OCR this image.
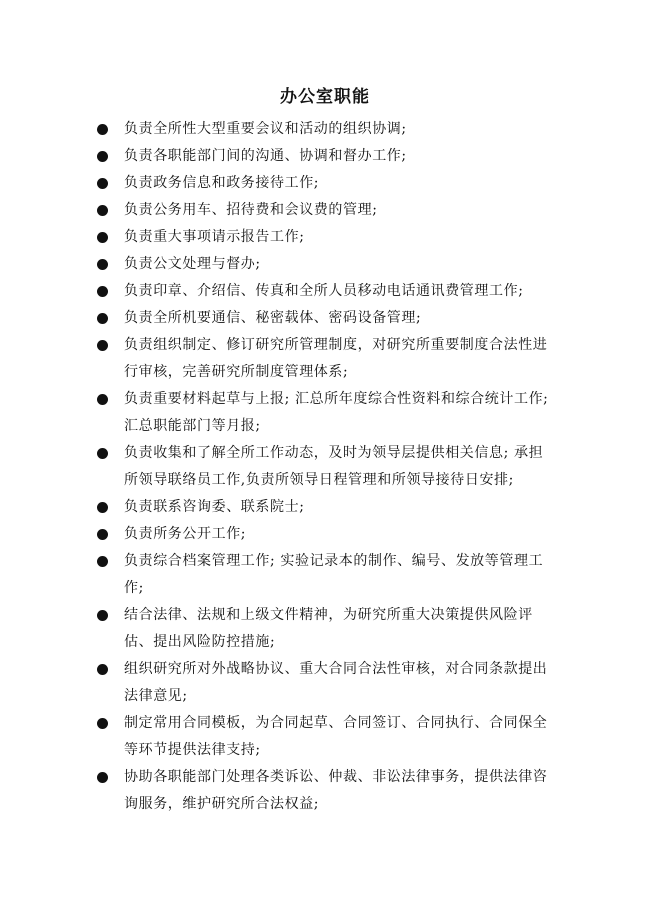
办公室职能
负责全所性大型重要会议和活动的组织协调;
负责各职能部门间的沟通、协调和督办工作;
负责政务信息和政务接待工作;
负责公务用车、招待费和会议费的管理;
负责重大事项请示报告工作;
负责公文处理与督办;
负责印章、介绍信、传真和全所人员移动电话通讯费管理工作;
负责全所机要通信、秘密载体、密码设备管理;
负责组织制定、修订研究所管理制度，对研究所重要制度合法性进行审核，完善研究所制度管理体系;
负责重要材料起草与上报; 汇总所年度综合性资料和综合统计工作; 汇总职能部门等月报;
负责收集和了解全所工作动态，及时为领导层提供相关信息; 承担所领导联络员工作,负责所领导日程管理和所领导接待日安排;
负责联系咨询委、联系院士;
负责所务公开工作;
负责综合档案管理工作; 实验记录本的制作、编号、发放等管理工作;
结合法律、法规和上级文件精神，为研究所重大决策提供风险评估、提出风险防控措施;
组织研究所对外战略协议、重大合同合法性审核，对合同条款提出法律意见;
制定常用合同模板，为合同起草、合同签订、合同执行、合同保全等环节提供法律支持;
协助各职能部门处理各类诉讼、仲裁、非讼法律事务，提供法律咨询服务，维护研究所合法权益;
